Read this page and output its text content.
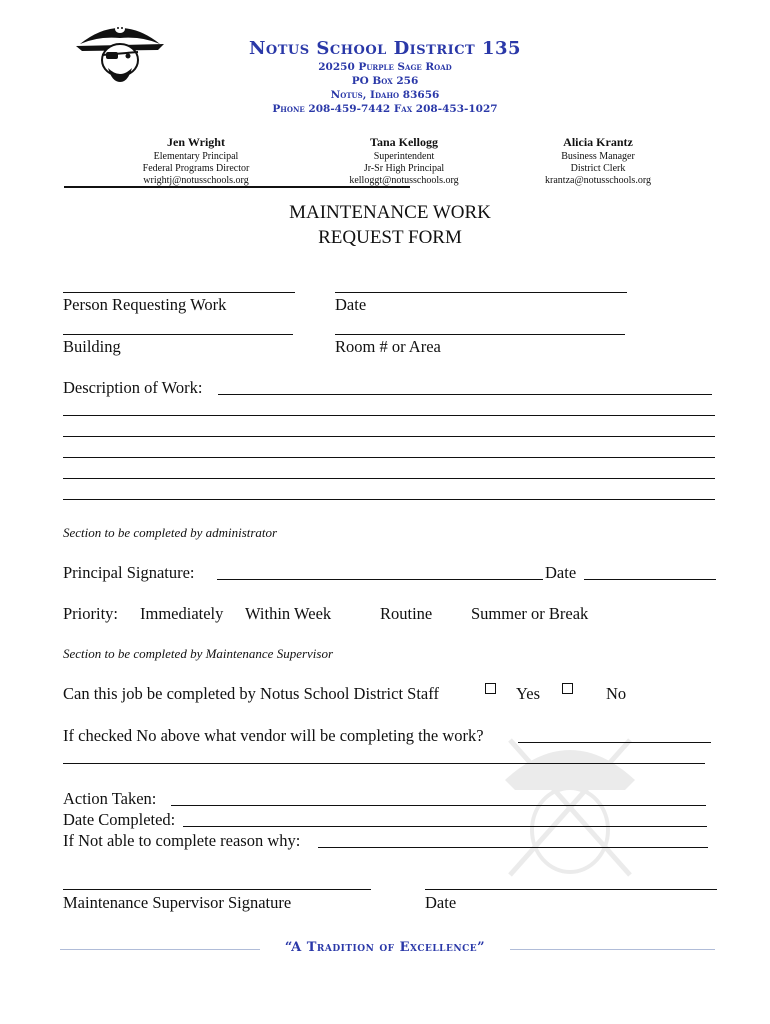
Notus School District 135
20250 Purple Sage Road
PO Box 256
Notus, Idaho 83656
Phone 208-459-7442 Fax 208-453-1027
Jen Wright
Elementary Principal
Federal Programs Director
wrightj@notusschools.org
Tana Kellogg
Superintendent
Jr-Sr High Principal
kelloggt@notusschools.org
Alicia Krantz
Business Manager
District Clerk
krantza@notusschools.org
MAINTENANCE WORK
REQUEST FORM
Person Requesting Work	Date
Building	Room # or Area
Description of Work:
Section to be completed by administrator
Principal Signature:	Date
Priority: Immediately Within Week	Routine Summer or Break
Section to be completed by Maintenance Supervisor
Can this job be completed by Notus School District Staff	Yes	No
If checked No above what vendor will be completing the work?
Action Taken:
Date Completed:
If Not able to complete reason why:
Maintenance Supervisor Signature	Date
“A Tradition of Excellence”
